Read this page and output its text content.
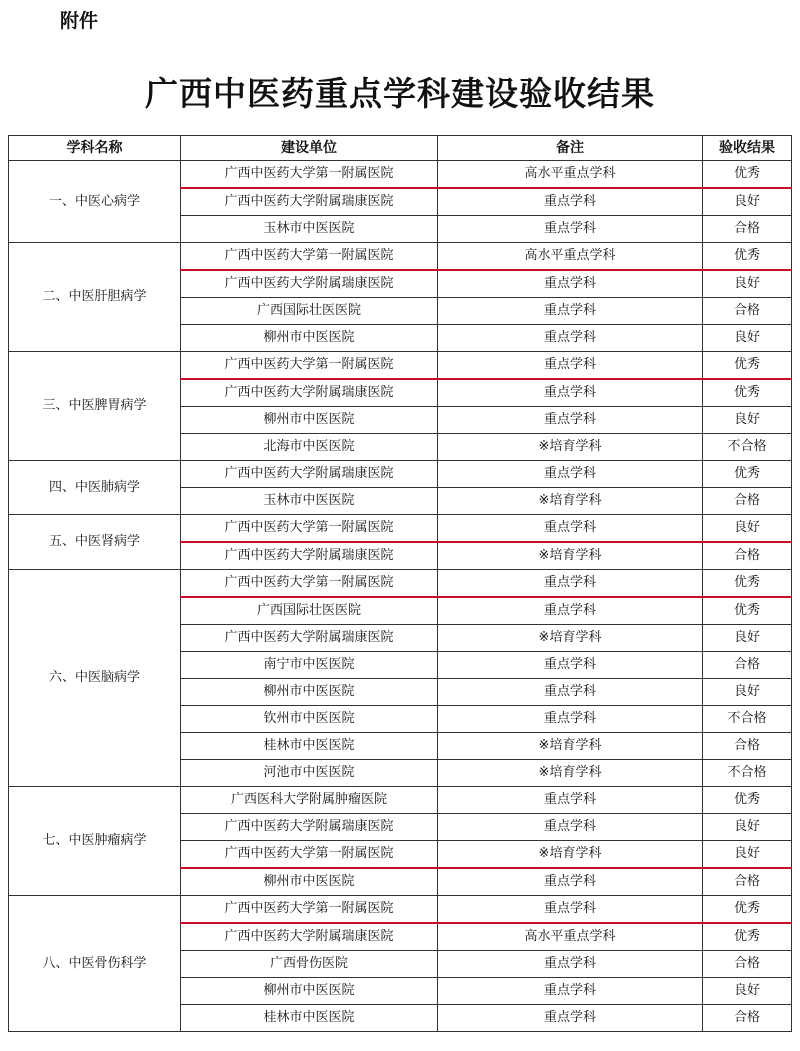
附件
广西中医药重点学科建设验收结果
学科名称	建设单位	备注	验收结果
一、中医心病学	广西中医药大学第一附属医院	高水平重点学科	优秀
	广西中医药大学附属瑞康医院	重点学科	良好
	玉林市中医医院	重点学科	合格
二、中医肝胆病学	广西中医药大学第一附属医院	高水平重点学科	优秀
	广西中医药大学附属瑞康医院	重点学科	良好
	广西国际壮医医院	重点学科	合格
	柳州市中医医院	重点学科	良好
三、中医脾胃病学	广西中医药大学第一附属医院	重点学科	优秀
	广西中医药大学附属瑞康医院	重点学科	优秀
	柳州市中医医院	重点学科	良好
	北海市中医医院	※培育学科	不合格
四、中医肺病学	广西中医药大学附属瑞康医院	重点学科	优秀
	玉林市中医医院	※培育学科	合格
五、中医肾病学	广西中医药大学第一附属医院	重点学科	良好
	广西中医药大学附属瑞康医院	※培育学科	合格
六、中医脑病学	广西中医药大学第一附属医院	重点学科	优秀
	广西国际壮医医院	重点学科	优秀
	广西中医药大学附属瑞康医院	※培育学科	良好
	南宁市中医医院	重点学科	合格
	柳州市中医医院	重点学科	良好
	钦州市中医医院	重点学科	不合格
	桂林市中医医院	※培育学科	合格
	河池市中医医院	※培育学科	不合格
七、中医肿瘤病学	广西医科大学附属肿瘤医院	重点学科	优秀
	广西中医药大学附属瑞康医院	重点学科	良好
	广西中医药大学第一附属医院	※培育学科	良好
	柳州市中医医院	重点学科	合格
八、中医骨伤科学	广西中医药大学第一附属医院	重点学科	优秀
	广西中医药大学附属瑞康医院	高水平重点学科	优秀
	广西骨伤医院	重点学科	合格
	柳州市中医医院	重点学科	良好
	桂林市中医医院	重点学科	合格
